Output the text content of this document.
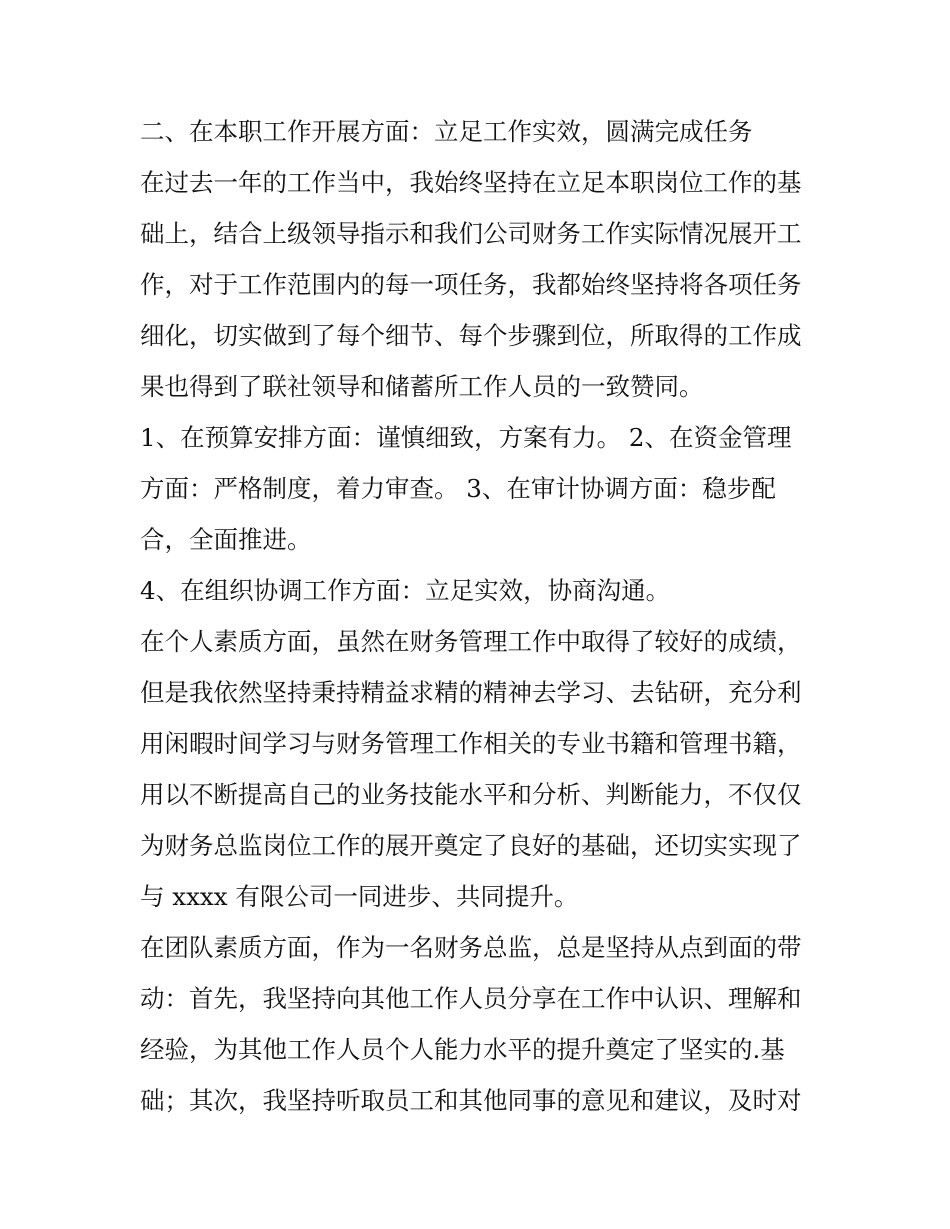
二、在本职工作开展方面：立足工作实效，圆满完成任务
在过去一年的工作当中，我始终坚持在立足本职岗位工作的基
础上，结合上级领导指示和我们公司财务工作实际情况展开工
作，对于工作范围内的每一项任务，我都始终坚持将各项任务
细化，切实做到了每个细节、每个步骤到位，所取得的工作成
果也得到了联社领导和储蓄所工作人员的一致赞同。
1、在预算安排方面：谨慎细致，方案有力。 2、在资金管理
方面：严格制度，着力审查。 3、在审计协调方面：稳步配
合，全面推进。
4、在组织协调工作方面：立足实效，协商沟通。
在个人素质方面，虽然在财务管理工作中取得了较好的成绩，
但是我依然坚持秉持精益求精的精神去学习、去钻研，充分利
用闲暇时间学习与财务管理工作相关的专业书籍和管理书籍，
用以不断提高自己的业务技能水平和分析、判断能力，不仅仅
为财务总监岗位工作的展开奠定了良好的基础，还切实实现了
与 xxxx 有限公司一同进步、共同提升。
在团队素质方面，作为一名财务总监，总是坚持从点到面的带
动：首先，我坚持向其他工作人员分享在工作中认识、理解和
经验，为其他工作人员个人能力水平的提升奠定了坚实的.基
础；其次，我坚持听取员工和其他同事的意见和建议，及时对
